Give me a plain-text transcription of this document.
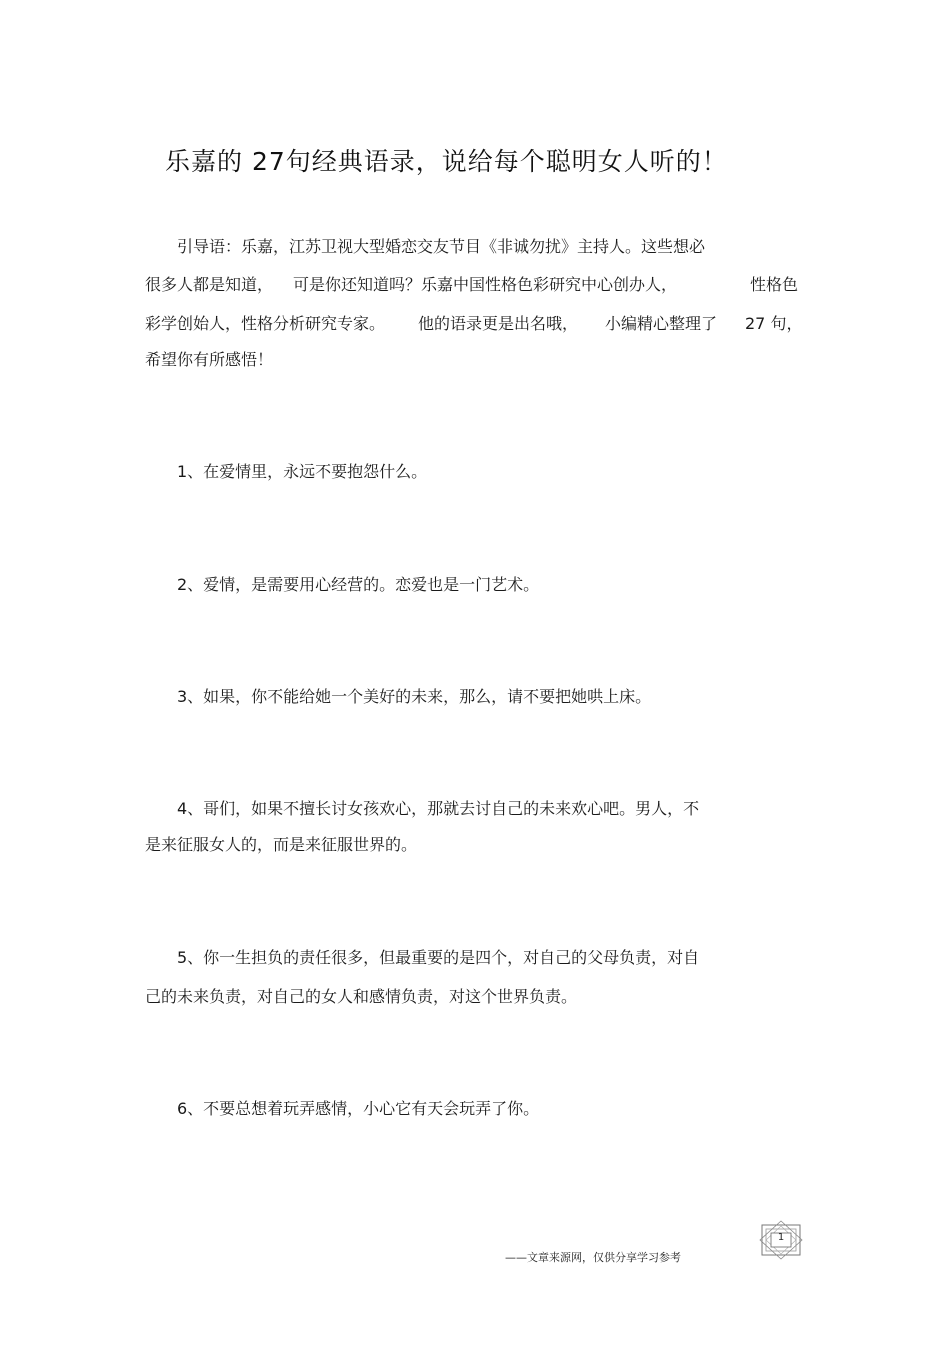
乐嘉的 27句经典语录，说给每个聪明女人听的！
引导语：乐嘉，江苏卫视大型婚恋交友节目《非诚勿扰》主持人。这些想必
很多人都是知道， 可是你还知道吗？乐嘉中国性格色彩研究中心创办人，	性格色
彩学创始人，性格分析研究专家。 他的语录更是出名哦， 小编精心整理了 27 句，
希望你有所感悟！
1、在爱情里，永远不要抱怨什么。
2、爱情，是需要用心经营的。恋爱也是一门艺术。
3、如果，你不能给她一个美好的未来，那么，请不要把她哄上床。
4、哥们，如果不擅长讨女孩欢心，那就去讨自己的未来欢心吧。男人，不
是来征服女人的，而是来征服世界的。
5、你一生担负的责任很多，但最重要的是四个，对自己的父母负责，对自
己的未来负责，对自己的女人和感情负责，对这个世界负责。
6、不要总想着玩弄感情，小心它有天会玩弄了你。
——文章来源网，仅供分享学习参考
1
